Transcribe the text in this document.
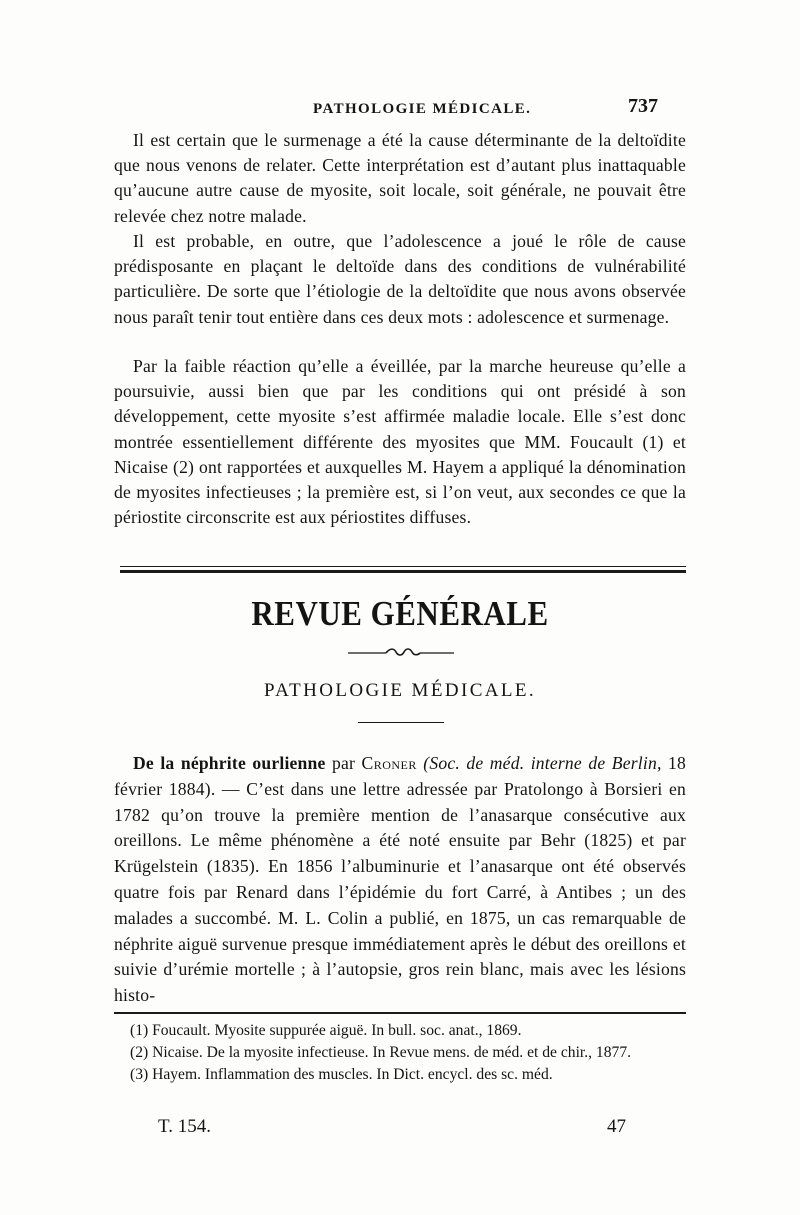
PATHOLOGIE MÉDICALE.	737

Il est certain que le surmenage a été la cause déterminante de la deltoïdite que nous venons de relater. Cette interprétation est d’autant plus inattaquable qu’aucune autre cause de myosite, soit locale, soit générale, ne pouvait être relevée chez notre malade.

Il est probable, en outre, que l’adolescence a joué le rôle de cause prédisposante en plaçant le deltoïde dans des conditions de vulnérabilité particulière. De sorte que l’étiologie de la deltoïdite que nous avons observée nous paraît tenir tout entière dans ces deux mots : adolescence et surmenage.

Par la faible réaction qu’elle a éveillée, par la marche heureuse qu’elle a poursuivie, aussi bien que par les conditions qui ont présidé à son développement, cette myosite s’est affirmée maladie locale. Elle s’est donc montrée essentiellement différente des myosites que MM. Foucault (1) et Nicaise (2) ont rapportées et auxquelles M. Hayem a appliqué la dénomination de myosites infectieuses ; la première est, si l’on veut, aux secondes ce que la périostite circonscrite est aux périostites diffuses.

REVUE GÉNÉRALE
PATHOLOGIE MÉDICALE.

De la néphrite ourlienne par Croner (Soc. de méd. interne de Berlin, 18 février 1884). — C’est dans une lettre adressée par Pratolongo à Borsieri en 1782 qu’on trouve la première mention de l’anasarque consécutive aux oreillons. Le même phénomène a été noté ensuite par Behr (1825) et par Krügelstein (1835). En 1856 l’albuminurie et l’anasarque ont été observés quatre fois par Renard dans l’épidémie du fort Carré, à Antibes ; un des malades a succombé. M. L. Colin a publié, en 1875, un cas remarquable de néphrite aiguë survenue presque immédiatement après le début des oreillons et suivie d’urémie mortelle ; à l’autopsie, gros rein blanc, mais avec les lésions histo-

(1) Foucault. Myosite suppurée aiguë. In bull. soc. anat., 1869.
(2) Nicaise. De la myosite infectieuse. In Revue mens. de méd. et de chir., 1877.
(3) Hayem. Inflammation des muscles. In Dict. encycl. des sc. méd.
T. 154.	47
